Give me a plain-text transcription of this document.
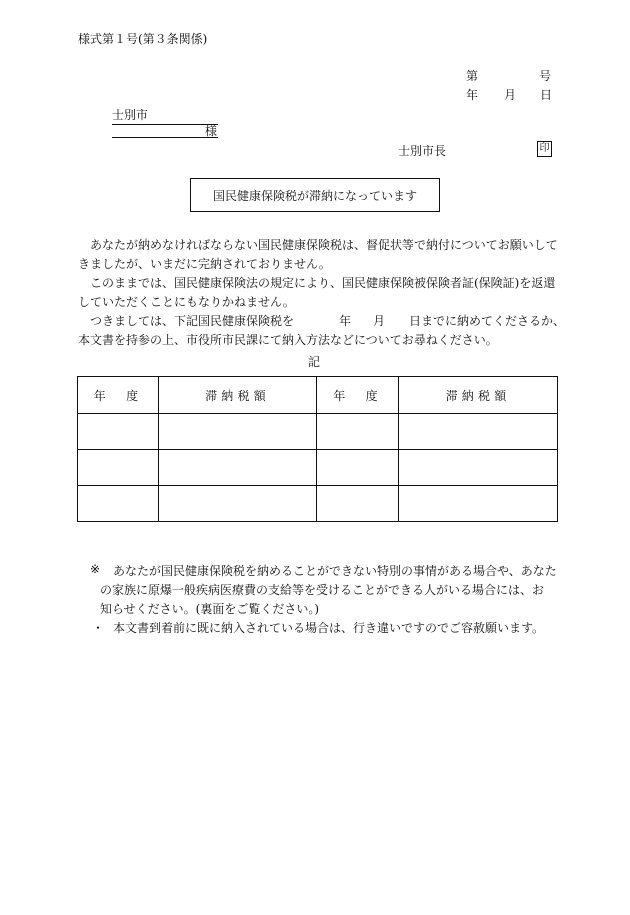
様式第１号(第３条関係)
第	号
年 月 日
士別市
様
士別市長	印
国民健康保険税が滞納になっています
あなたが納めなければならない国民健康保険税は、督促状等で納付についてお願いして
きましたが、いまだに完納されておりません。
このままでは、国民健康保険法の規定により、国民健康保険被保険者証(保険証)を返還
していただくことにもなりかねません。
つきましては、下記国民健康保険税を	年 月 日までに納めてくださるか、
本文書を持参の上、市役所市民課にて納入方法などについてお尋ねください。
記
年　度	滞納税額	年　度	滞納税額

※ あなたが国民健康保険税を納めることができない特別の事情がある場合や、あなた
の家族に原爆一般疾病医療費の支給等を受けることができる人がいる場合には、お
知らせください。(裏面をご覧ください。)
・ 本文書到着前に既に納入されている場合は、行き違いですのでご容赦願います。
